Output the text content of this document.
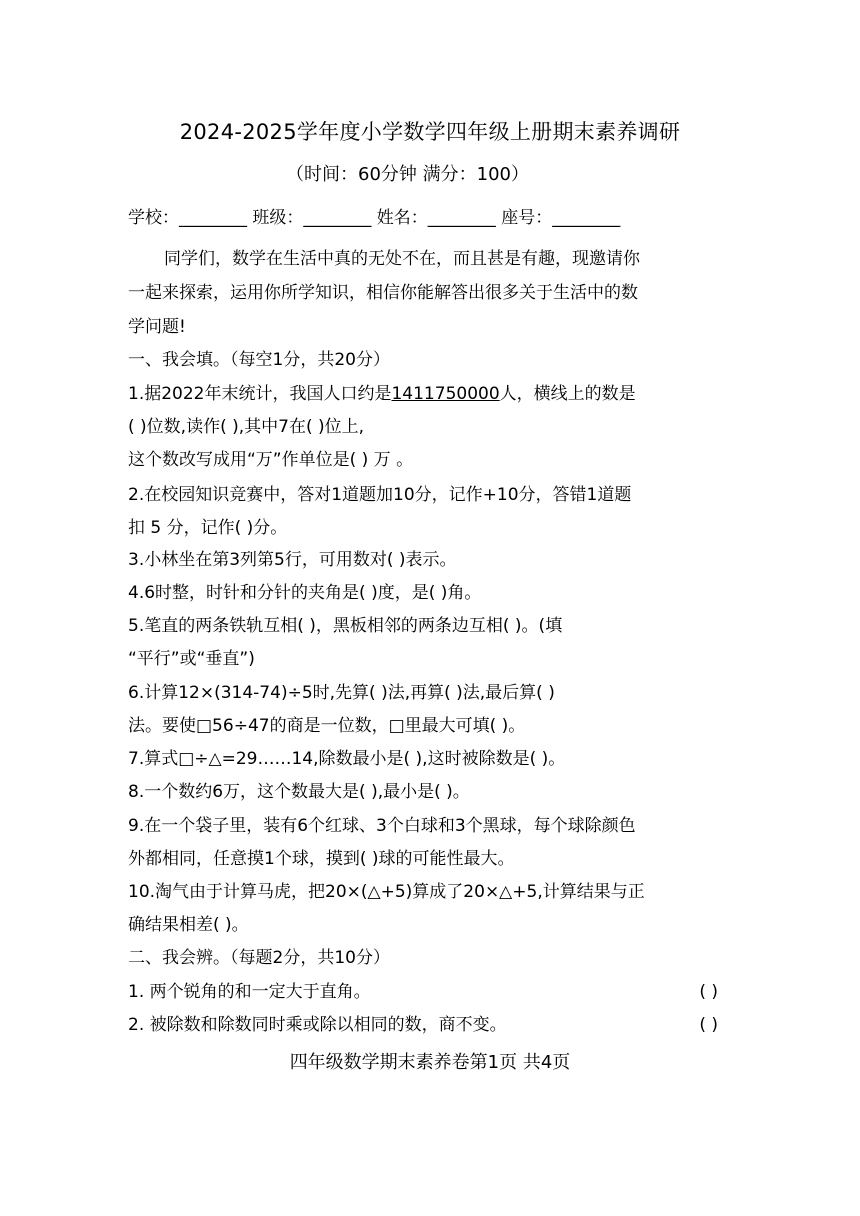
2024-2025学年度小学数学四年级上册期末素养调研
（时间：60分钟 满分：100）
学校：________ 班级：________ 姓名：________ 座号：________
同学们，数学在生活中真的无处不在，而且甚是有趣，现邀请你
一起来探索，运用你所学知识，相信你能解答出很多关于生活中的数
学问题!
一、我会填。（每空1分，共20分）
1.据2022年末统计，我国人口约是1411750000人，横线上的数是
( )位数,读作( ),其中7在( )位上,
这个数改写成用“万”作单位是( ) 万 。
2.在校园知识竞赛中，答对1道题加10分，记作+10分，答错1道题
扣 5 分，记作( )分。
3.小林坐在第3列第5行，可用数对( )表示。
4.6时整，时针和分针的夹角是( )度，是( )角。
5.笔直的两条铁轨互相( )，黑板相邻的两条边互相( )。(填
“平行”或“垂直”)
6.计算12×(314-74)÷5时,先算( )法,再算( )法,最后算( )
法。要使□56÷47的商是一位数，□里最大可填( )。
7.算式□÷△=29……14,除数最小是( ),这时被除数是( )。
8.一个数约6万，这个数最大是( ),最小是( )。
9.在一个袋子里，装有6个红球、3个白球和3个黑球，每个球除颜色
外都相同，任意摸1个球，摸到( )球的可能性最大。
10.淘气由于计算马虎，把20×(△+5)算成了20×△+5,计算结果与正
确结果相差( )。
二、我会辨。（每题2分，共10分）
1. 两个锐角的和一定大于直角。	( )
2. 被除数和除数同时乘或除以相同的数，商不变。	( )
四年级数学期末素养卷第1页 共4页
